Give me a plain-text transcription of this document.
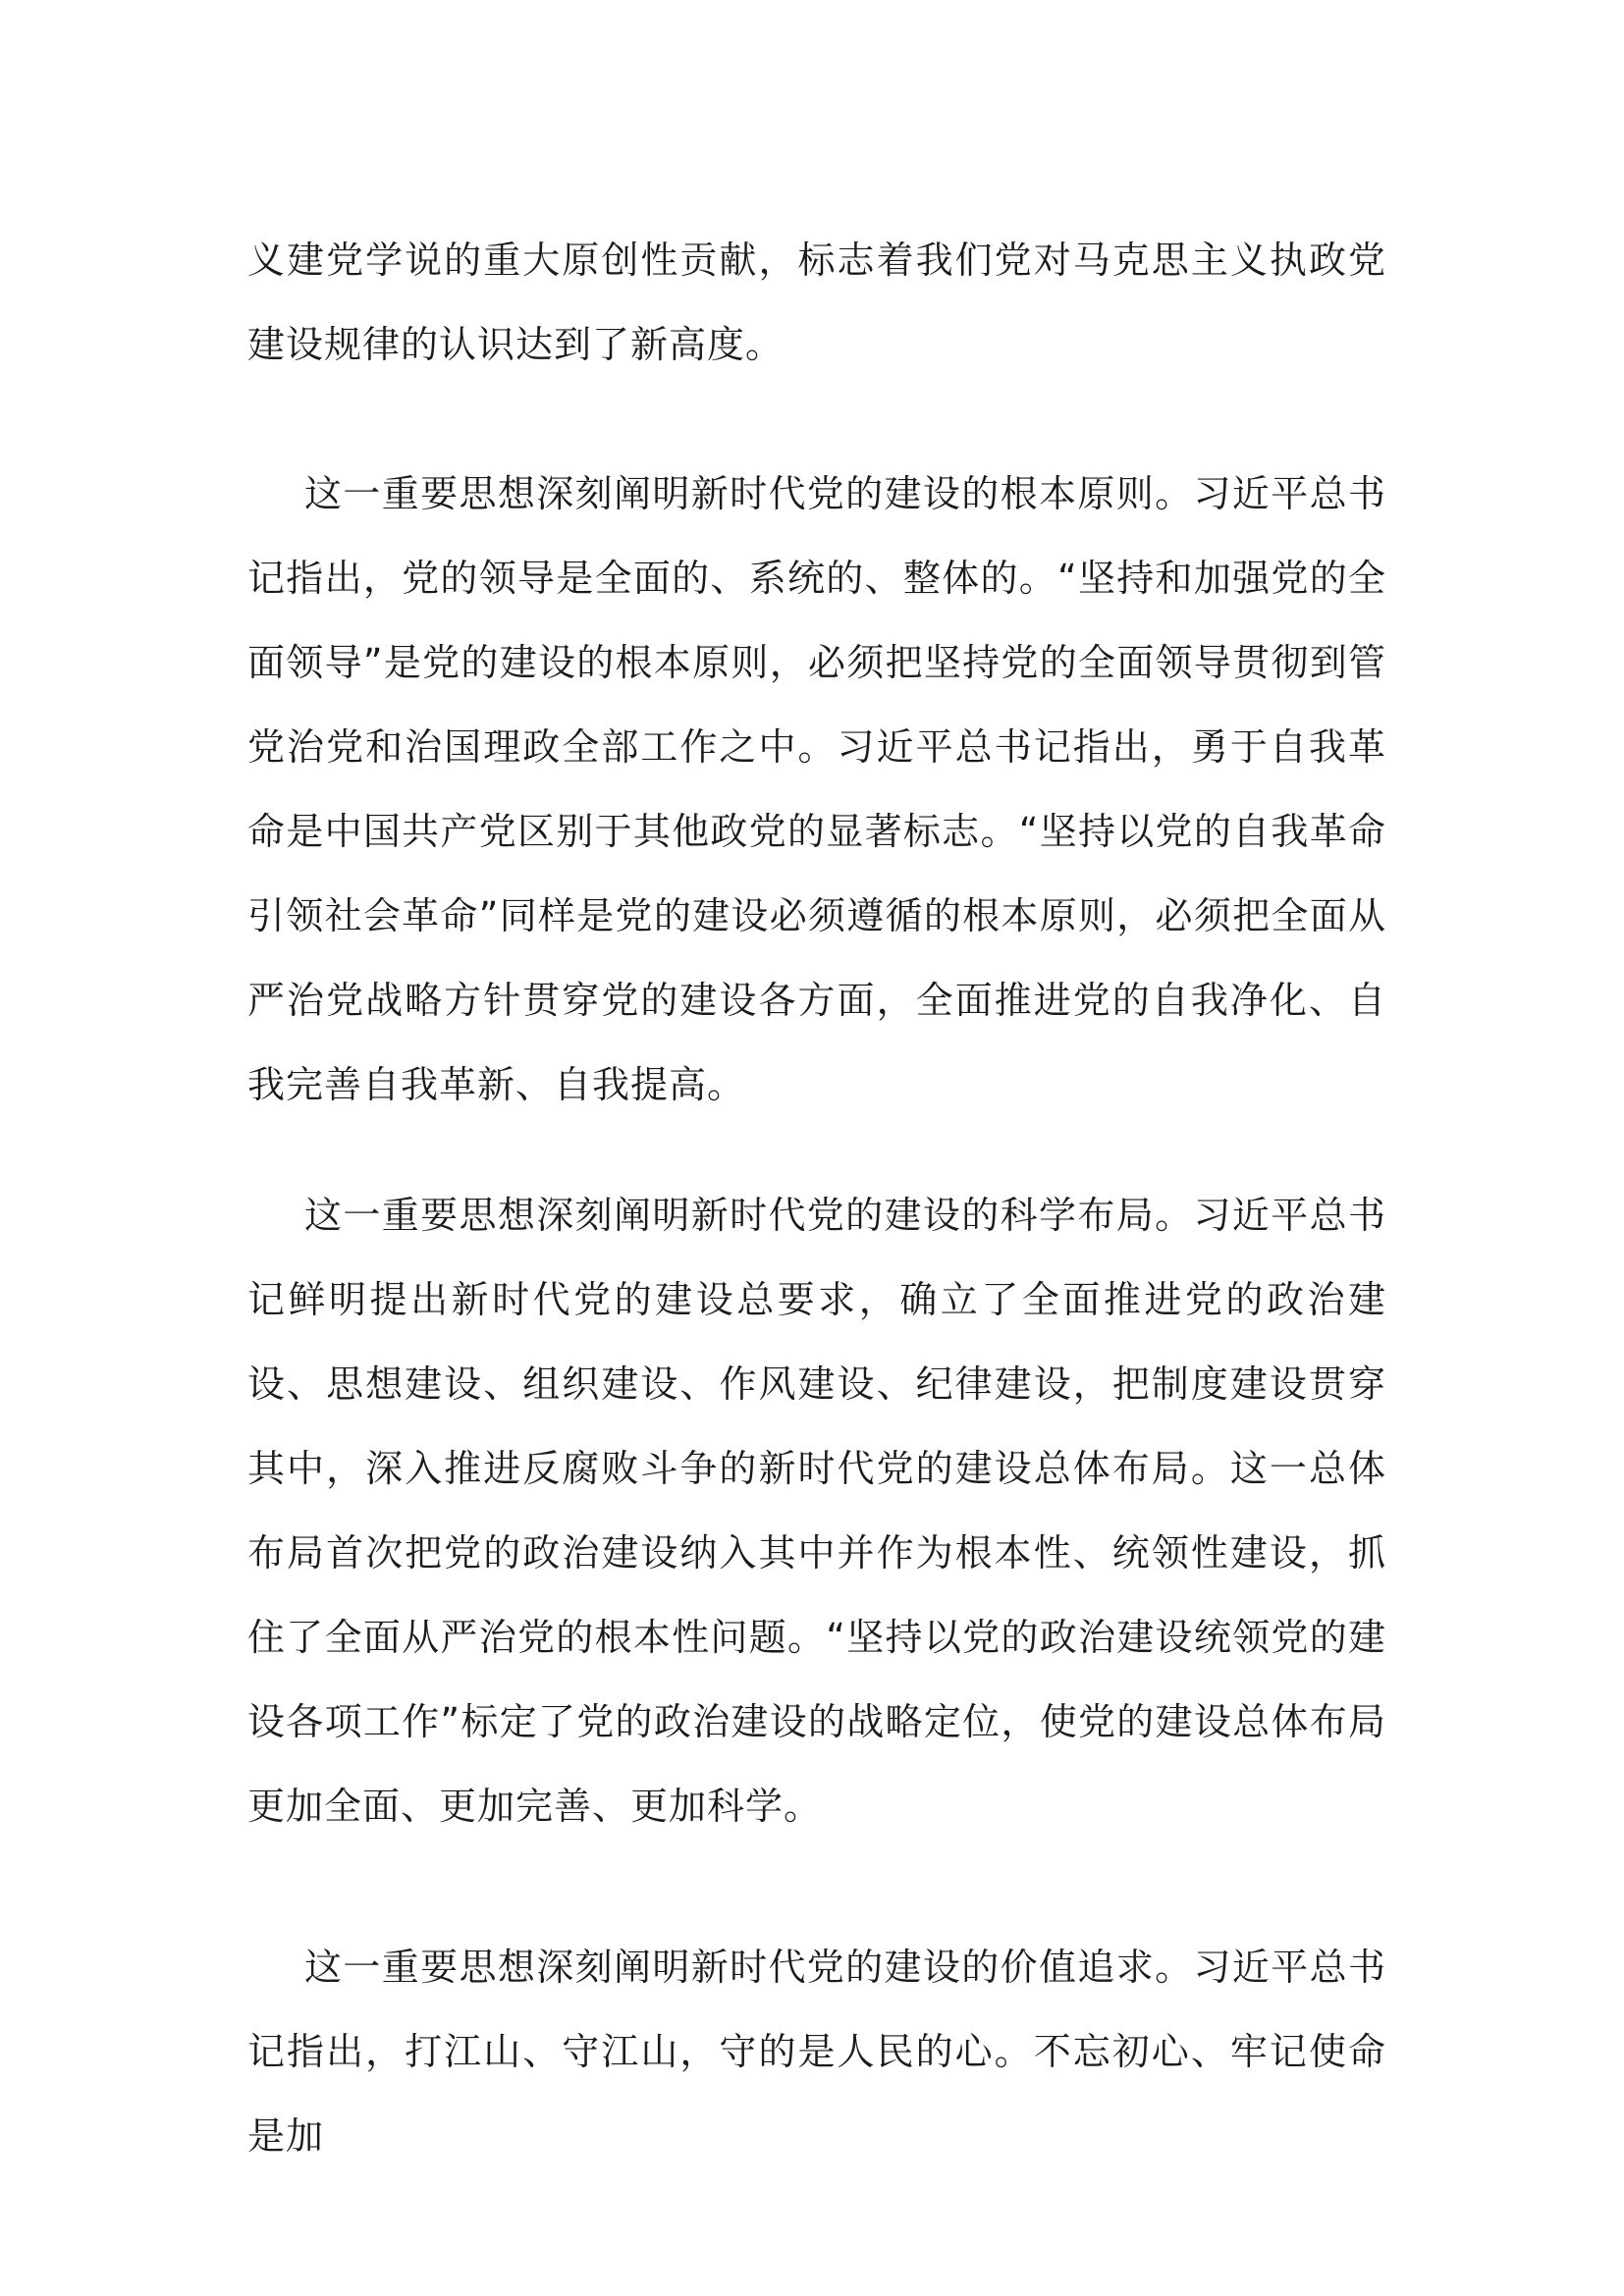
义建党学说的重大原创性贡献，标志着我们党对马克思主义执政党建设规律的认识达到了新高度。

这一重要思想深刻阐明新时代党的建设的根本原则。习近平总书记指出，党的领导是全面的、系统的、整体的。“坚持和加强党的全面领导”是党的建设的根本原则，必须把坚持党的全面领导贯彻到管党治党和治国理政全部工作之中。习近平总书记指出，勇于自我革命是中国共产党区别于其他政党的显著标志。“坚持以党的自我革命引领社会革命”同样是党的建设必须遵循的根本原则，必须把全面从严治党战略方针贯穿党的建设各方面，全面推进党的自我净化、自我完善自我革新、自我提高。

这一重要思想深刻阐明新时代党的建设的科学布局。习近平总书记鲜明提出新时代党的建设总要求，确立了全面推进党的政治建设、思想建设、组织建设、作风建设、纪律建设，把制度建设贯穿其中，深入推进反腐败斗争的新时代党的建设总体布局。这一总体布局首次把党的政治建设纳入其中并作为根本性、统领性建设，抓住了全面从严治党的根本性问题。“坚持以党的政治建设统领党的建设各项工作”标定了党的政治建设的战略定位，使党的建设总体布局更加全面、更加完善、更加科学。

这一重要思想深刻阐明新时代党的建设的价值追求。习近平总书记指出，打江山、守江山，守的是人民的心。不忘初心、牢记使命是加
